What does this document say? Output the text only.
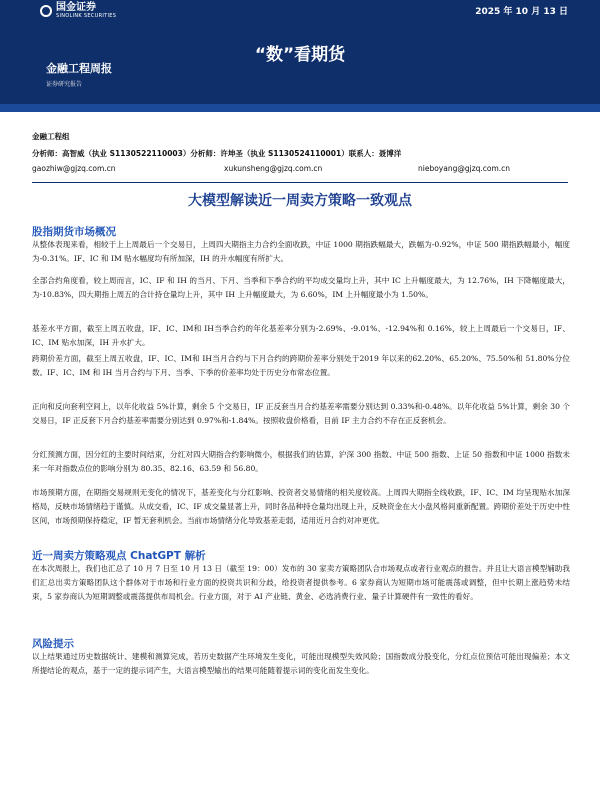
国金证券
SINOLINK SECURITIES	2025 年 10 月 13 日
“数”看期货
金融工程周报
证券研究报告
金融工程组
分析师：高智威（执业 S1130522110003）分析师：许坤圣（执业 S1130524110001）联系人：聂博洋
gaozhiw@gjzq.com.cn	xukunsheng@gjzq.com.cn	nieboyang@gjzq.com.cn
大模型解读近一周卖方策略一致观点
股指期货市场概况

从整体表现来看，相较于上上周最后一个交易日，上周四大期指主力合约全面收跌，中证 1000 期指跌幅最大，跌幅为-0.92%，中证 500 期指跌幅最小，幅度为-0.31%。IF、IC 和 IM 贴水幅度均有所加深，IH 的升水幅度有所扩大。

全部合约角度看，较上周而言，IC、IF 和 IH 的当月、下月、当季和下季合约的平均成交量均上升，其中 IC 上升幅度最大，为 12.76%，IH 下降幅度最大，为-10.83%，四大期指上周五的合计持仓量均上升，其中 IH 上升幅度最大，为 6.60%，IM 上升幅度最小为 1.50%。

基差水平方面，截至上周五收盘，IF、IC、IM和 IH当季合约的年化基差率分别为-2.69%、-9.01%、-12.94%和 0.16%，较上上周最后一个交易日，IF、IC、IM 贴水加深，IH 升水扩大。

跨期价差方面，截至上周五收盘，IF、IC、IM和 IH当月合约与下月合约的跨期价差率分别处于2019 年以来的62.20%、65.20%、75.50%和 51.80%分位数。IF、IC、IM 和 IH 当月合约与下月、当季、下季的价差率均处于历史分布常态位置。

正向和反向套利空间上，以年化收益 5%计算，剩余 5 个交易日，IF 正反套当月合约基差率需要分别达到 0.33%和-0.48%。以年化收益 5%计算，剩余 30 个交易日，IF 正反套下月合约基差率需要分别达到 0.97%和-1.84%。按照收盘价格看，目前 IF 主力合约不存在正反套机会。

分红预测方面，因分红的主要时间结束，分红对四大期指合约影响微小，根据我们的估算，沪深 300 指数、中证 500 指数、上证 50 指数和中证 1000 指数未来一年对指数点位的影响分别为 80.35、82.16、63.59 和 56.80。

市场预期方面，在期指交易规则无变化的情况下，基差变化与分红影响、投资者交易情绪的相关度较高。上周四大期指全线收跌，IF、IC、IM 均呈现贴水加深格局，反映市场情绪趋于谨慎。从成交看，IC、IF 成交量显著上升，同时各品种持仓量均出现上升，反映资金在大小盘风格间重新配置。跨期价差处于历史中性区间，市场预期保持稳定，IF 暂无套利机会。当前市场情绪分化导致基差走弱，适用近月合约对冲更优。

近一周卖方策略观点 ChatGPT 解析

在本次周报上，我们也汇总了 10 月 7 日至 10 月 13 日（截至 19：00）发布的 30 家卖方策略团队合市场观点或者行业观点的报告。并且让大语言模型辅助我们汇总出卖方策略团队这个群体对于市场和行业方面的投资共识和分歧，给投资者提供参考。6 家券商认为短期市场可能震荡或调整，但中长期上涨趋势未结束，5 家券商认为短期调整或震荡提供布局机会。行业方面，对于 AI 产业链、黄金、必选消费行业、量子计算硬件有一致性的看好。

风险提示

以上结果通过历史数据统计、建模和测算完成，若历史数据产生环境发生变化，可能出现模型失效风险；国指数成分股变化，分红点位预估可能出现偏差；本文所提结论的观点，基于一定的提示词产生，大语言模型输出的结果可能随着提示词的变化而发生变化。
